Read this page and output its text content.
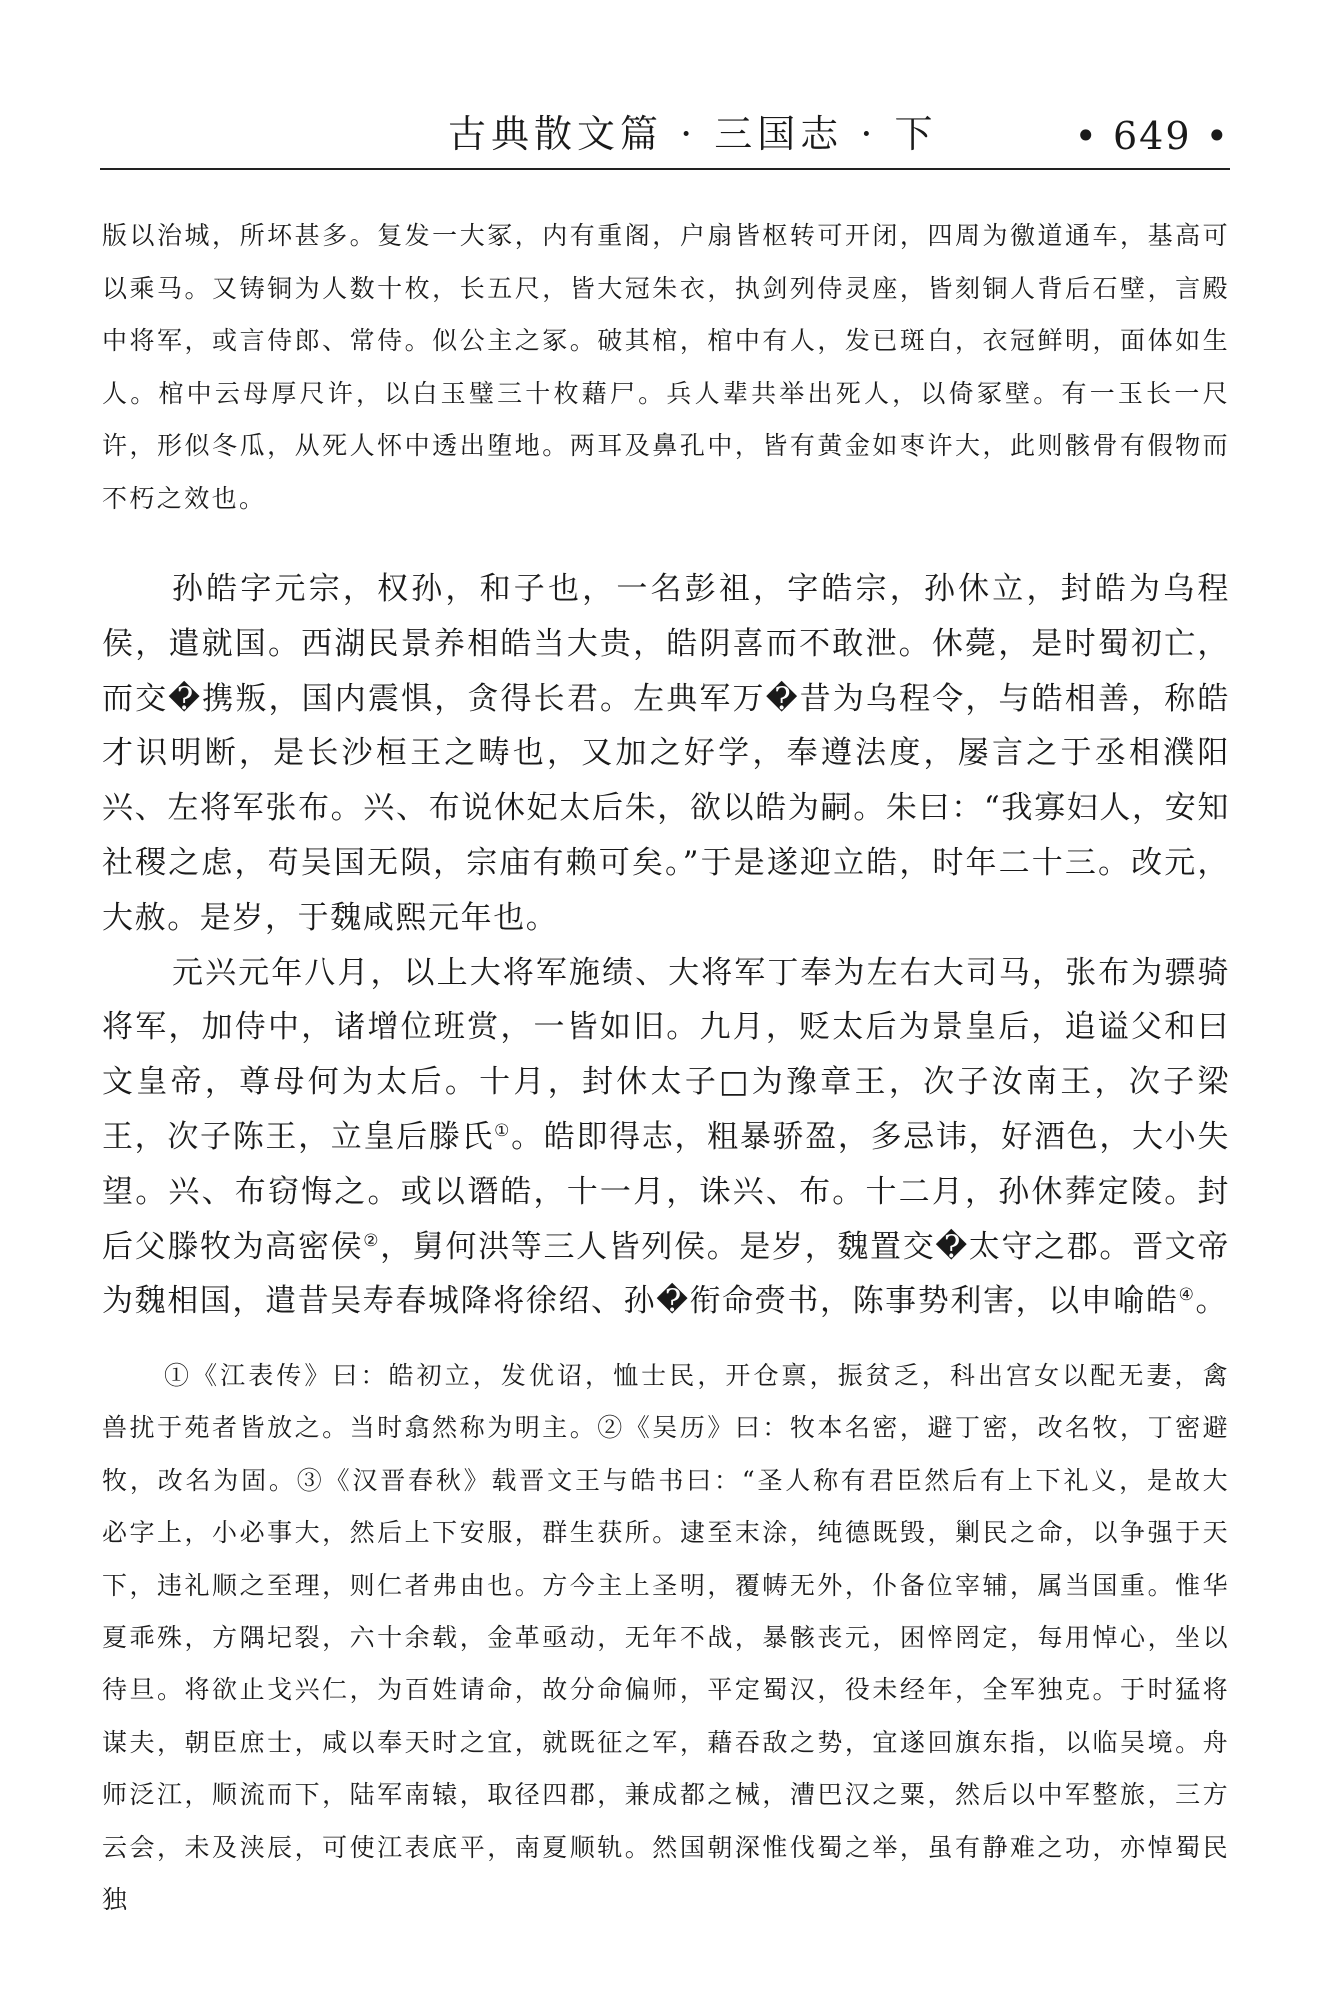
古典散文篇 · 三国志 · 下	• 649 •

版以治城，所坏甚多。复发一大冢，内有重阁，户扇皆枢转可开闭，四周为徼道通车，基高可以乘马。又铸铜为人数十枚，长五尺，皆大冠朱衣，执剑列侍灵座，皆刻铜人背后石壁，言殿中将军，或言侍郎、常侍。似公主之冢。破其棺，棺中有人，发已斑白，衣冠鲜明，面体如生人。棺中云母厚尺许，以白玉璧三十枚藉尸。兵人辈共举出死人，以倚冢壁。有一玉长一尺许，形似冬瓜，从死人怀中透出堕地。两耳及鼻孔中，皆有黄金如枣许大，此则骸骨有假物而不朽之效也。

孙皓字元宗，权孙，和子也，一名彭祖，字皓宗，孙休立，封皓为乌程侯，遣就国。西湖民景养相皓当大贵，皓阴喜而不敢泄。休薨，是时蜀初亡，而交�携叛，国内震惧，贪得长君。左典军万�昔为乌程令，与皓相善，称皓才识明断，是长沙桓王之畴也，又加之好学，奉遵法度，屡言之于丞相濮阳兴、左将军张布。兴、布说休妃太后朱，欲以皓为嗣。朱曰：“我寡妇人，安知社稷之虑，苟吴国无陨，宗庙有赖可矣。”于是遂迎立皓，时年二十三。改元，大赦。是岁，于魏咸熙元年也。

元兴元年八月，以上大将军施绩、大将军丁奉为左右大司马，张布为骠骑将军，加侍中，诸增位班赏，一皆如旧。九月，贬太后为景皇后，追谥父和曰文皇帝，尊母何为太后。十月，封休太子□为豫章王，次子汝南王，次子梁王，次子陈王，立皇后滕氏①。皓即得志，粗暴骄盈，多忌讳，好酒色，大小失望。兴、布窃悔之。或以谮皓，十一月，诛兴、布。十二月，孙休葬定陵。封后父滕牧为高密侯②，舅何洪等三人皆列侯。是岁，魏置交�太守之郡。晋文帝为魏相国，遣昔吴寿春城降将徐绍、孙�衔命赍书，陈事势利害，以申喻皓④。

①《江表传》曰：皓初立，发优诏，恤士民，开仓禀，振贫乏，科出宫女以配无妻，禽兽扰于苑者皆放之。当时翕然称为明主。②《吴历》曰：牧本名密，避丁密，改名牧，丁密避牧，改名为固。③《汉晋春秋》载晋文王与皓书曰：“圣人称有君臣然后有上下礼义，是故大必字上，小必事大，然后上下安服，群生获所。逮至末涂，纯德既毁，剿民之命，以争强于天下，违礼顺之至理，则仁者弗由也。方今主上圣明，覆帱无外，仆备位宰辅，属当国重。惟华夏乖殊，方隅圮裂，六十余载，金革亟动，无年不战，暴骸丧元，困悴罔定，每用悼心，坐以待旦。将欲止戈兴仁，为百姓请命，故分命偏师，平定蜀汉，役未经年，全军独克。于时猛将谋夫，朝臣庶士，咸以奉天时之宜，就既征之军，藉吞敌之势，宜遂回旗东指，以临吴境。舟师泛江，顺流而下，陆军南辕，取径四郡，兼成都之械，漕巴汉之粟，然后以中军整旅，三方云会，未及浃辰，可使江表底平，南夏顺轨。然国朝深惟伐蜀之举，虽有静难之功，亦悼蜀民独
